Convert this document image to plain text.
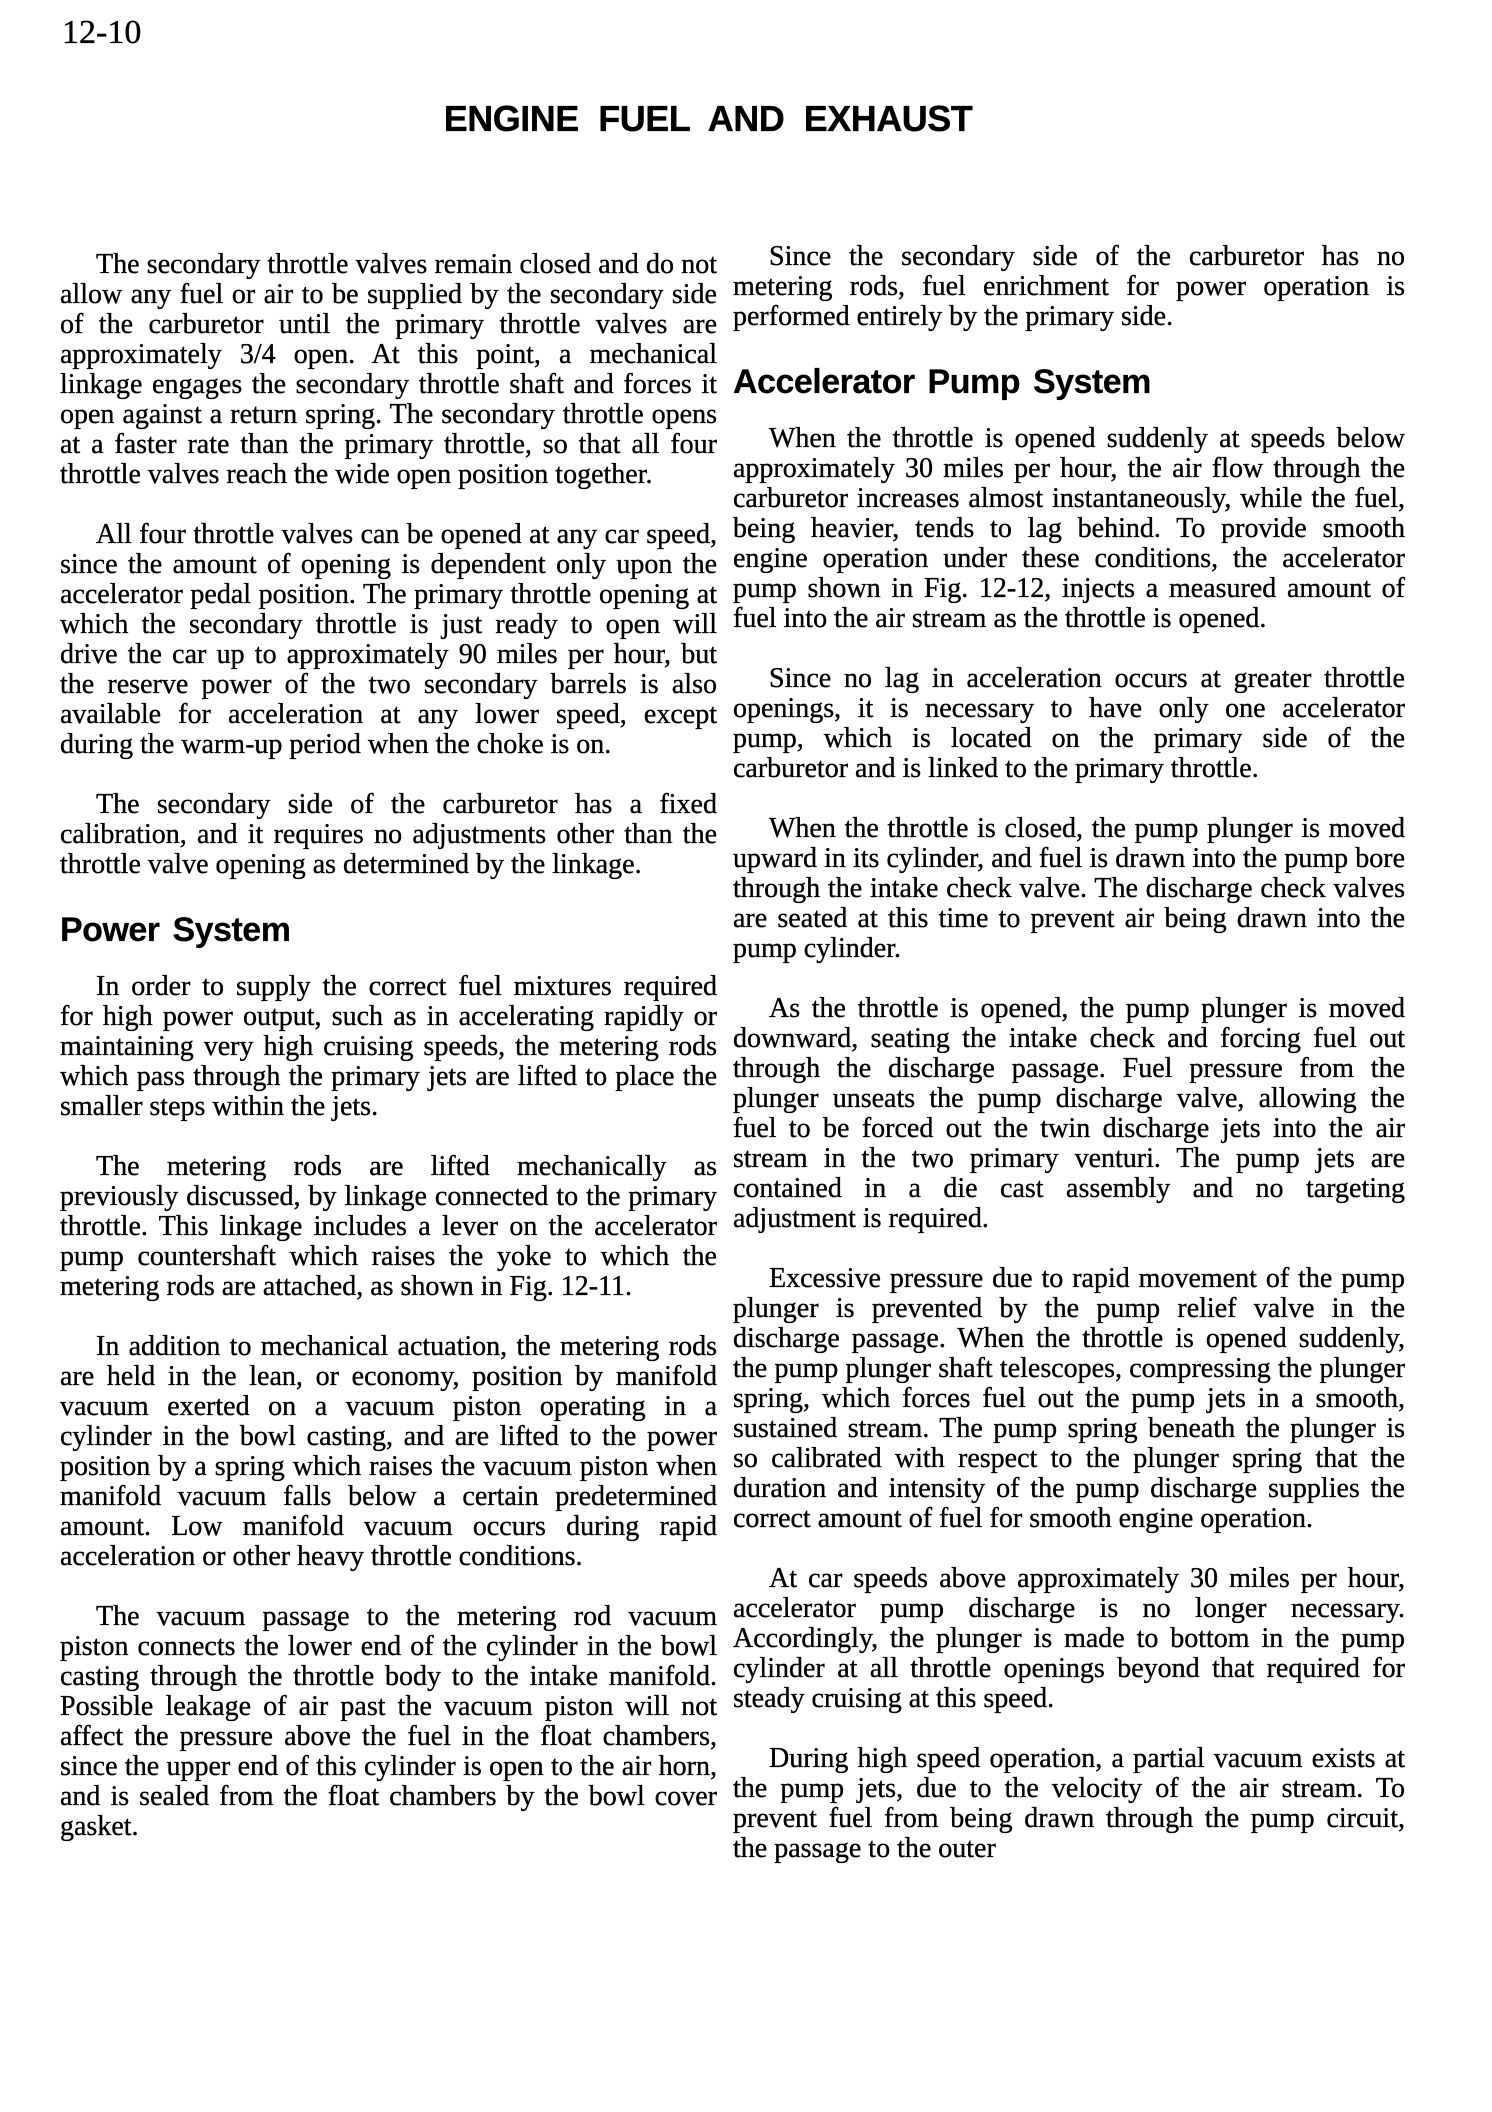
12-10
ENGINE FUEL AND EXHAUST

The secondary throttle valves remain closed and do not allow any fuel or air to be supplied by the secondary side of the carburetor until the primary throttle valves are approximately 3/4 open. At this point, a mechanical linkage engages the secondary throttle shaft and forces it open against a return spring. The secondary throttle opens at a faster rate than the primary throttle, so that all four throttle valves reach the wide open position together.

All four throttle valves can be opened at any car speed, since the amount of opening is dependent only upon the accelerator pedal position. The primary throttle opening at which the secondary throttle is just ready to open will drive the car up to approximately 90 miles per hour, but the reserve power of the two secondary barrels is also available for acceleration at any lower speed, except during the warm-up period when the choke is on.

The secondary side of the carburetor has a fixed calibration, and it requires no adjustments other than the throttle valve opening as determined by the linkage.

Power System

In order to supply the correct fuel mixtures required for high power output, such as in accelerating rapidly or maintaining very high cruising speeds, the metering rods which pass through the primary jets are lifted to place the smaller steps within the jets.

The metering rods are lifted mechanically as previously discussed, by linkage connected to the primary throttle. This linkage includes a lever on the accelerator pump countershaft which raises the yoke to which the metering rods are attached, as shown in Fig. 12-11.

In addition to mechanical actuation, the metering rods are held in the lean, or economy, position by manifold vacuum exerted on a vacuum piston operating in a cylinder in the bowl casting, and are lifted to the power position by a spring which raises the vacuum piston when manifold vacuum falls below a certain predetermined amount. Low manifold vacuum occurs during rapid acceleration or other heavy throttle conditions.

The vacuum passage to the metering rod vacuum piston connects the lower end of the cylinder in the bowl casting through the throttle body to the intake manifold. Possible leakage of air past the vacuum piston will not affect the pressure above the fuel in the float chambers, since the upper end of this cylinder is open to the air horn, and is sealed from the float chambers by the bowl cover gasket.

Since the secondary side of the carburetor has no metering rods, fuel enrichment for power operation is performed entirely by the primary side.

Accelerator Pump System

When the throttle is opened suddenly at speeds below approximately 30 miles per hour, the air flow through the carburetor increases almost instantaneously, while the fuel, being heavier, tends to lag behind. To provide smooth engine operation under these conditions, the accelerator pump shown in Fig. 12-12, injects a measured amount of fuel into the air stream as the throttle is opened.

Since no lag in acceleration occurs at greater throttle openings, it is necessary to have only one accelerator pump, which is located on the primary side of the carburetor and is linked to the primary throttle.

When the throttle is closed, the pump plunger is moved upward in its cylinder, and fuel is drawn into the pump bore through the intake check valve. The discharge check valves are seated at this time to prevent air being drawn into the pump cylinder.

As the throttle is opened, the pump plunger is moved downward, seating the intake check and forcing fuel out through the discharge passage. Fuel pressure from the plunger unseats the pump discharge valve, allowing the fuel to be forced out the twin discharge jets into the air stream in the two primary venturi. The pump jets are contained in a die cast assembly and no targeting adjustment is required.

Excessive pressure due to rapid movement of the pump plunger is prevented by the pump relief valve in the discharge passage. When the throttle is opened suddenly, the pump plunger shaft telescopes, compressing the plunger spring, which forces fuel out the pump jets in a smooth, sustained stream. The pump spring beneath the plunger is so calibrated with respect to the plunger spring that the duration and intensity of the pump discharge supplies the correct amount of fuel for smooth engine operation.

At car speeds above approximately 30 miles per hour, accelerator pump discharge is no longer necessary. Accordingly, the plunger is made to bottom in the pump cylinder at all throttle openings beyond that required for steady cruising at this speed.

During high speed operation, a partial vacuum exists at the pump jets, due to the velocity of the air stream. To prevent fuel from being drawn through the pump circuit, the passage to the outer
